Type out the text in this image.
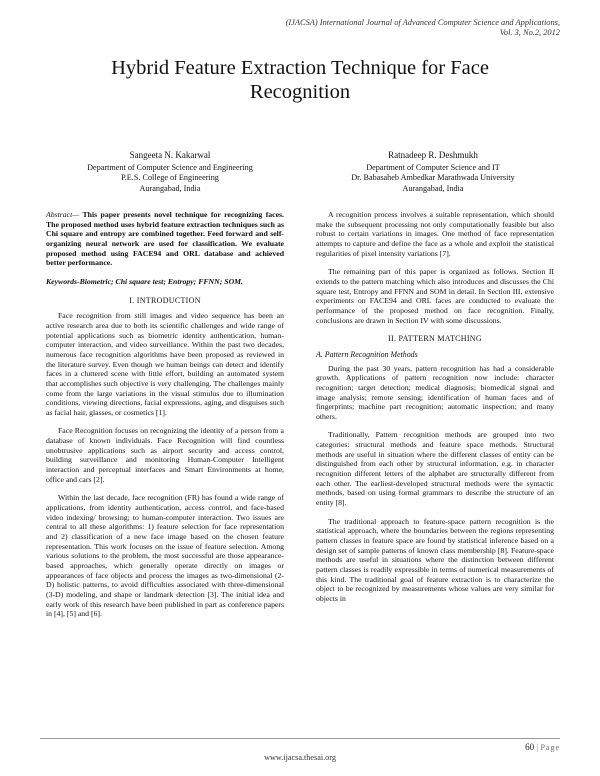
(IJACSA) International Journal of Advanced Computer Science and Applications,
Vol. 3, No.2, 2012
Hybrid Feature Extraction Technique for Face
Recognition
Sangeeta N. Kakarwal
Department of Computer Science and Engineering
P.E.S. College of Engineering
Aurangabad, India
Ratnadeep R. Deshmukh
Department of Computer Science and IT
Dr. Babasaheb Ambedkar Marathwada University
Aurangabad, India

Abstract— This paper presents novel technique for recognizing faces. The proposed method uses hybrid feature extraction techniques such as Chi square and entropy are combined together. Feed forward and self-organizing neural network are used for classification. We evaluate proposed method using FACE94 and ORL database and achieved better performance.

Keywords-Biometric; Chi square test; Entropy; FFNN; SOM.

I. INTRODUCTION

Face recognition from still images and video sequence has been an active research area due to both its scientific challenges and wide range of potential applications such as biometric identity authentication, human-computer interaction, and video surveillance. Within the past two decades, numerous face recognition algorithms have been proposed as reviewed in the literature survey. Even though we human beings can detect and identify faces in a cluttered scene with little effort, building an automated system that accomplishes such objective is very challenging. The challenges mainly come from the large variations in the visual stimulus due to illumination conditions, viewing directions, facial expressions, aging, and disguises such as facial hair, glasses, or cosmetics [1].

Face Recognition focuses on recognizing the identity of a person from a database of known individuals. Face Recognition will find countless unobtrusive applications such as airport security and access control, building surveillance and monitoring Human-Computer Intelligent interaction and perceptual interfaces and Smart Environments at home, office and cars [2].

Within the last decade, face recognition (FR) has found a wide range of applications, from identity authentication, access control, and face-based video indexing/ browsing; to human-computer interaction. Two issues are central to all these algorithms: 1) feature selection for face representation and 2) classification of a new face image based on the chosen feature representation. This work focuses on the issue of feature selection. Among various solutions to the problem, the most successful are those appearance-based approaches, which generally operate directly on images or appearances of face objects and process the images as two-dimensional (2-D) holistic patterns, to avoid difficulties associated with three-dimensional (3-D) modeling, and shape or landmark detection [3]. The initial idea and early work of this research have been published in part as conference papers in [4], [5] and [6].

A recognition process involves a suitable representation, which should make the subsequent processing not only computationally feasible but also robust to certain variations in images. One method of face representation attempts to capture and define the face as a whole and exploit the statistical regularities of pixel intensity variations [7].

The remaining part of this paper is organized as follows. Section II extends to the pattern matching which also introduces and discusses the Chi square test, Entropy and FFNN and SOM in detail. In Section III, extensive experiments on FACE94 and ORL faces are conducted to evaluate the performance of the proposed method on face recognition. Finally, conclusions are drawn in Section IV with some discussions.

II. PATTERN MATCHING
A. Pattern Recognition Methods

During the past 30 years, pattern recognition has had a considerable growth. Applications of pattern recognition now include: character recognition; target detection; medical diagnosis; biomedical signal and image analysis; remote sensing; identification of human faces and of fingerprints; machine part recognition; automatic inspection; and many others.

Traditionally, Pattern recognition methods are grouped into two categories: structural methods and feature space methods. Structural methods are useful in situation where the different classes of entity can be distinguished from each other by structural information, e.g. in character recognition different letters of the alphabet are structurally different from each other. The earliest-developed structural methods were the syntactic methods, based on using formal grammars to describe the structure of an entity [8].

The traditional approach to feature-space pattern recognition is the statistical approach, where the boundaries between the regions representing pattern classes in feature space are found by statistical inference based on a design set of sample patterns of known class membership [8]. Feature-space methods are useful in situations where the distinction between different pattern classes is readily expressible in terms of numerical measurements of this kind. The traditional goal of feature extraction is to characterize the object to be recognized by measurements whose values are very similar for objects in

60 | Page
www.ijacsa.thesai.org
